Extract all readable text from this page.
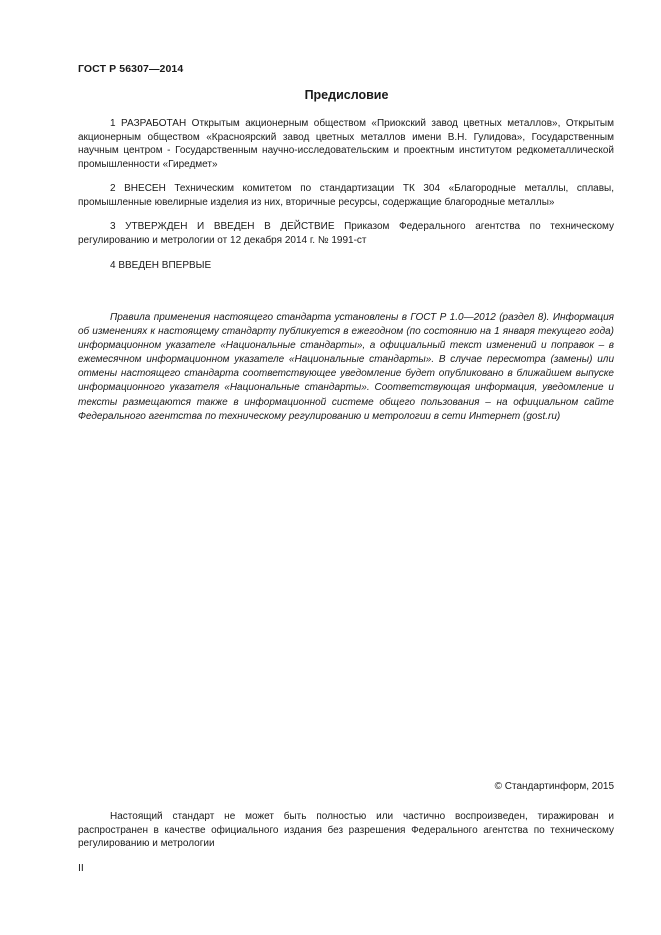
ГОСТ Р 56307—2014
Предисловие

1 РАЗРАБОТАН Открытым акционерным обществом «Приокский завод цветных металлов», Открытым акционерным обществом «Красноярский завод цветных металлов имени В.Н. Гулидова», Государственным научным центром - Государственным научно-исследовательским и проектным институтом редкометаллической промышленности «Гиредмет»

2 ВНЕСЕН Техническим комитетом по стандартизации ТК 304 «Благородные металлы, сплавы, промышленные ювелирные изделия из них, вторичные ресурсы, содержащие благородные металлы»

3 УТВЕРЖДЕН И ВВЕДЕН В ДЕЙСТВИЕ Приказом Федерального агентства по техническому регулированию и метрологии от 12 декабря 2014 г. № 1991-ст

4 ВВЕДЕН ВПЕРВЫЕ

Правила применения настоящего стандарта установлены в ГОСТ Р 1.0—2012 (раздел 8). Информация об изменениях к настоящему стандарту публикуется в ежегодном (по состоянию на 1 января текущего года) информационном указателе «Национальные стандарты», а официальный текст изменений и поправок – в ежемесячном информационном указателе «Национальные стандарты». В случае пересмотра (замены) или отмены настоящего стандарта соответствующее уведомление будет опубликовано в ближайшем выпуске информационного указателя «Национальные стандарты». Соответствующая информация, уведомление и тексты размещаются также в информационной системе общего пользования – на официальном сайте Федерального агентства по техническому регулированию и метрологии в сети Интернет (gost.ru)

© Стандартинформ, 2015

Настоящий стандарт не может быть полностью или частично воспроизведен, тиражирован и распространен в качестве официального издания без разрешения Федерального агентства по техническому регулированию и метрологии

II
